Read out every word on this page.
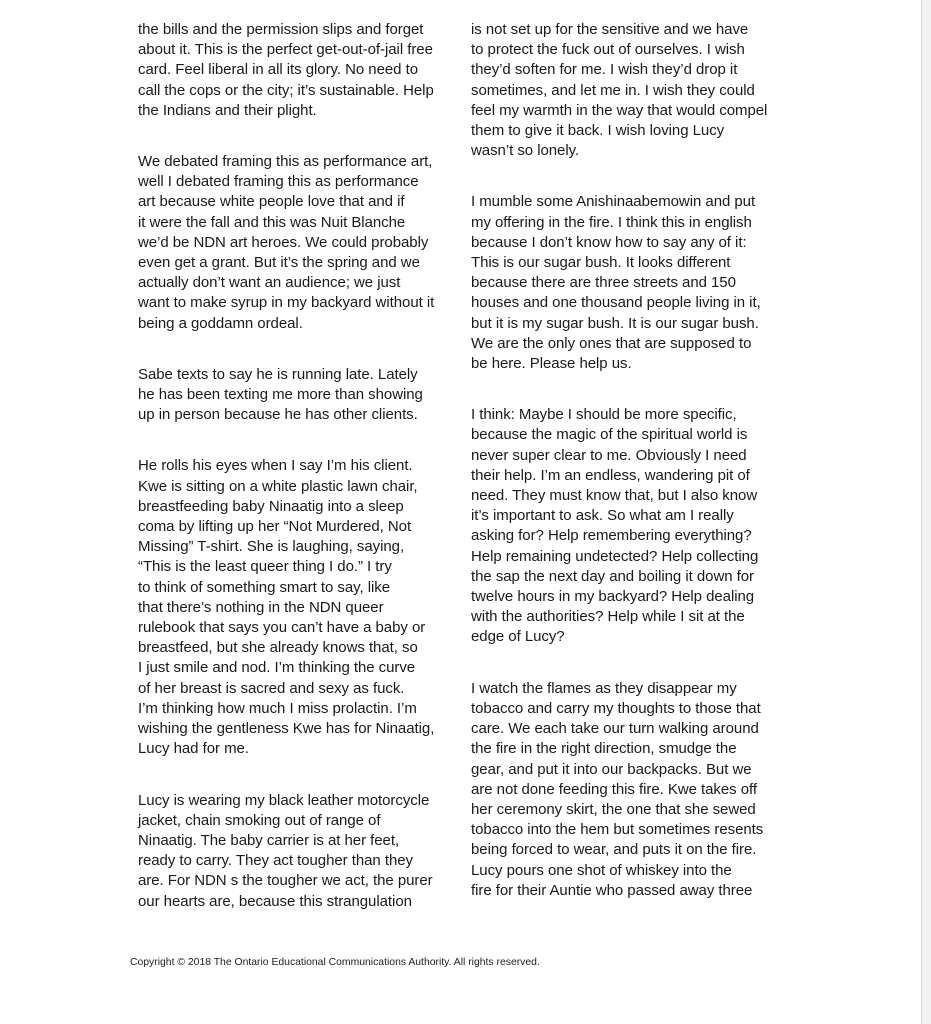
the bills and the permission slips and forget
about it. This is the perfect get-out-of-jail free
card. Feel liberal in all its glory. No need to
call the cops or the city; it’s sustainable. Help
the Indians and their plight.

We debated framing this as performance art,
well I debated framing this as performance
art because white people love that and if
it were the fall and this was Nuit Blanche
we’d be NDN art heroes. We could probably
even get a grant. But it’s the spring and we
actually don’t want an audience; we just
want to make syrup in my backyard without it
being a goddamn ordeal.

Sabe texts to say he is running late. Lately
he has been texting me more than showing
up in person because he has other clients.

He rolls his eyes when I say I’m his client.
Kwe is sitting on a white plastic lawn chair,
breastfeeding baby Ninaatig into a sleep
coma by lifting up her “Not Murdered, Not
Missing” T-shirt. She is laughing, saying,
“This is the least queer thing I do.” I try
to think of something smart to say, like
that there’s nothing in the NDN queer
rulebook that says you can’t have a baby or
breastfeed, but she already knows that, so
I just smile and nod. I’m thinking the curve
of her breast is sacred and sexy as fuck.
I’m thinking how much I miss prolactin. I’m
wishing the gentleness Kwe has for Ninaatig,
Lucy had for me.

Lucy is wearing my black leather motorcycle
jacket, chain smoking out of range of
Ninaatig. The baby carrier is at her feet,
ready to carry. They act tougher than they
are. For NDN s the tougher we act, the purer
our hearts are, because this strangulation

is not set up for the sensitive and we have
to protect the fuck out of ourselves. I wish
they’d soften for me. I wish they’d drop it
sometimes, and let me in. I wish they could
feel my warmth in the way that would compel
them to give it back. I wish loving Lucy
wasn’t so lonely.

I mumble some Anishinaabemowin and put
my offering in the fire. I think this in english
because I don’t know how to say any of it:
This is our sugar bush. It looks different
because there are three streets and 150
houses and one thousand people living in it,
but it is my sugar bush. It is our sugar bush.
We are the only ones that are supposed to
be here. Please help us.

I think: Maybe I should be more specific,
because the magic of the spiritual world is
never super clear to me. Obviously I need
their help. I’m an endless, wandering pit of
need. They must know that, but I also know
it’s important to ask. So what am I really
asking for? Help remembering everything?
Help remaining undetected? Help collecting
the sap the next day and boiling it down for
twelve hours in my backyard? Help dealing
with the authorities? Help while I sit at the
edge of Lucy?

I watch the flames as they disappear my
tobacco and carry my thoughts to those that
care. We each take our turn walking around
the fire in the right direction, smudge the
gear, and put it into our backpacks. But we
are not done feeding this fire. Kwe takes off
her ceremony skirt, the one that she sewed
tobacco into the hem but sometimes resents
being forced to wear, and puts it on the fire.
Lucy pours one shot of whiskey into the
fire for their Auntie who passed away three

Copyright © 2018 The Ontario Educational Communications Authority. All rights reserved.
